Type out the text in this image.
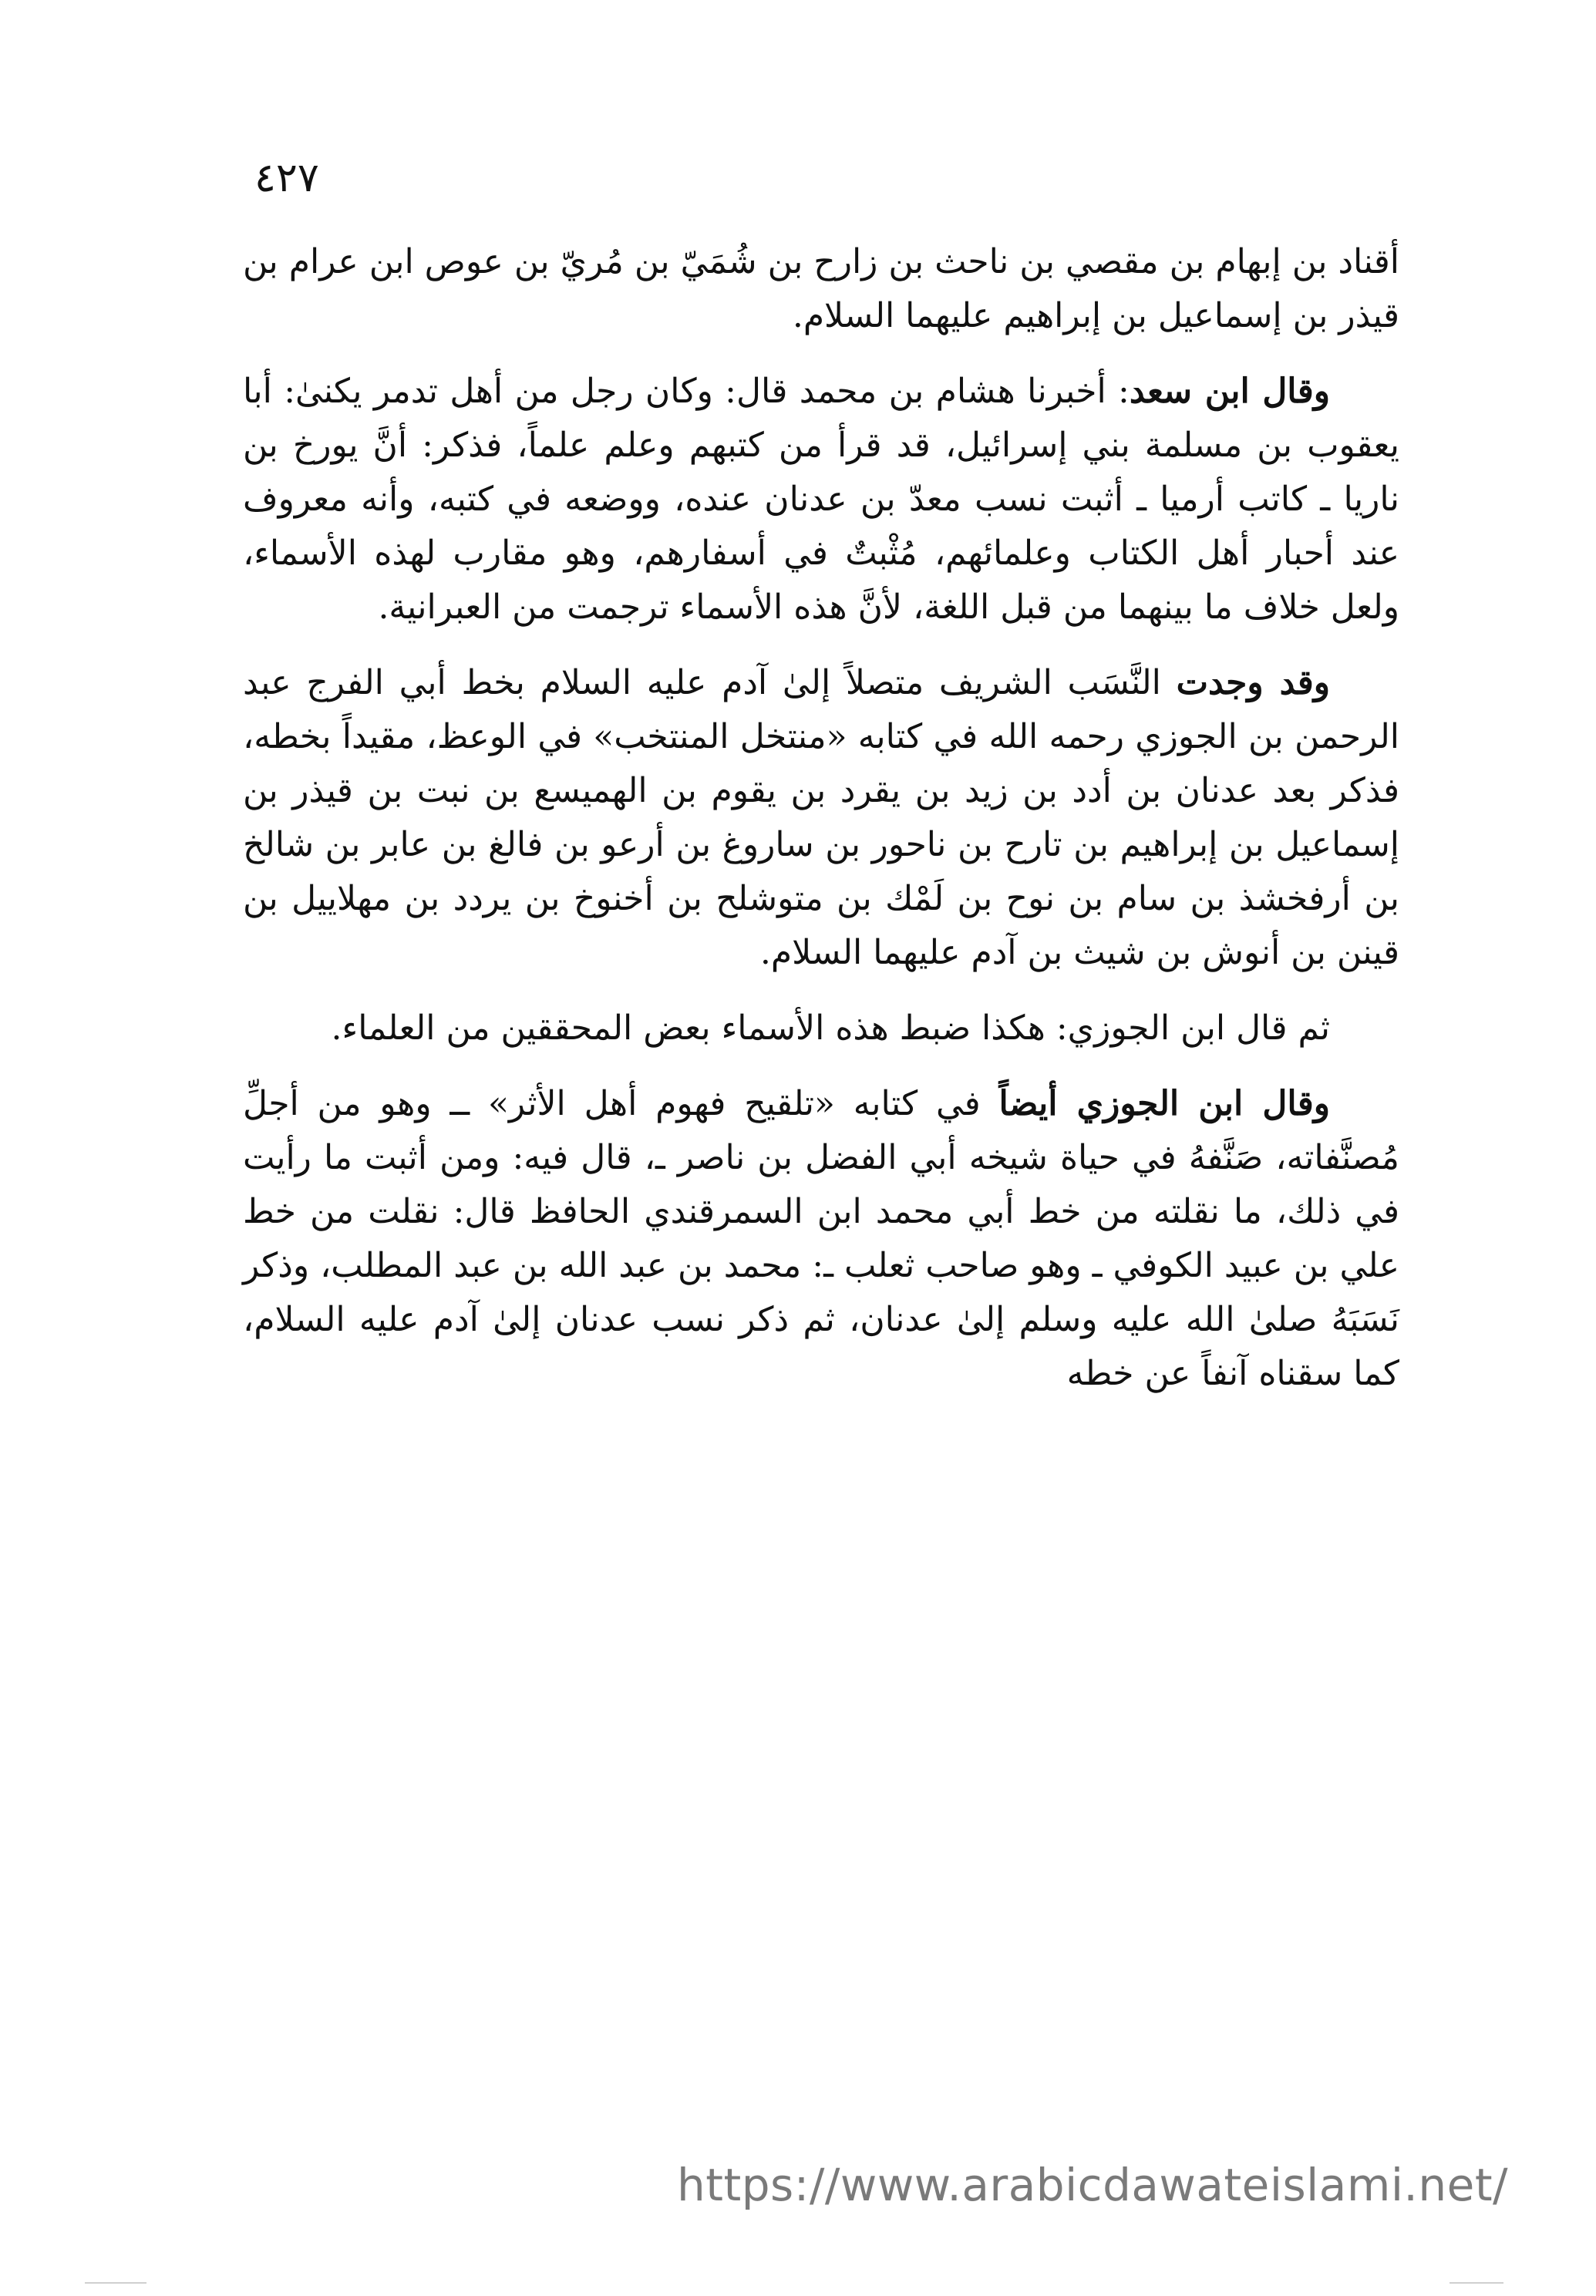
٤٢٧

أقناد بن إبهام بن مقصي بن ناحث بن زارح بن شُمَيّ بن مُريّ بن عوص ابن عرام بن قيذر بن إسماعيل بن إبراهيم عليهما السلام.

وقال ابن سعد: أخبرنا هشام بن محمد قال: وكان رجل من أهل تدمر يكنىٰ: أبا يعقوب بن مسلمة بني إسرائيل، قد قرأ من كتبهم وعلم علماً، فذكر: أنَّ يورخ بن ناريا ـ كاتب أرميا ـ أثبت نسب معدّ بن عدنان عنده، ووضعه في كتبه، وأنه معروف عند أحبار أهل الكتاب وعلمائهم، مُثْبتٌ في أسفارهم، وهو مقارب لهذه الأسماء، ولعل خلاف ما بينهما من قبل اللغة، لأنَّ هذه الأسماء ترجمت من العبرانية.

وقد وجدت النَّسَب الشريف متصلاً إلىٰ آدم عليه السلام بخط أبي الفرج عبد الرحمن بن الجوزي رحمه الله في كتابه «منتخل المنتخب» في الوعظ، مقيداً بخطه، فذكر بعد عدنان بن أدد بن زيد بن يقرد بن يقوم بن الهميسع بن نبت بن قيذر بن إسماعيل بن إبراهيم بن تارح بن ناحور بن ساروغ بن أرعو بن فالغ بن عابر بن شالخ بن أرفخشذ بن سام بن نوح بن لَمْك بن متوشلح بن أخنوخ بن يردد بن مهلاييل بن قينن بن أنوش بن شيث بن آدم عليهما السلام.

ثم قال ابن الجوزي: هكذا ضبط هذه الأسماء بعض المحققين من العلماء.

وقال ابن الجوزي أيضاً في كتابه «تلقيح فهوم أهل الأثر» ــ وهو من أجلِّ مُصنَّفاته، صَنَّفهُ في حياة شيخه أبي الفضل بن ناصر ـ، قال فيه: ومن أثبت ما رأيت في ذلك، ما نقلته من خط أبي محمد ابن السمرقندي الحافظ قال: نقلت من خط علي بن عبيد الكوفي ـ وهو صاحب ثعلب ـ: محمد بن عبد الله بن عبد المطلب، وذكر نَسَبَهُ صلىٰ الله عليه وسلم إلىٰ عدنان، ثم ذكر نسب عدنان إلىٰ آدم عليه السلام، كما سقناه آنفاً عن خطه

https://www.arabicdawateislami.net/
